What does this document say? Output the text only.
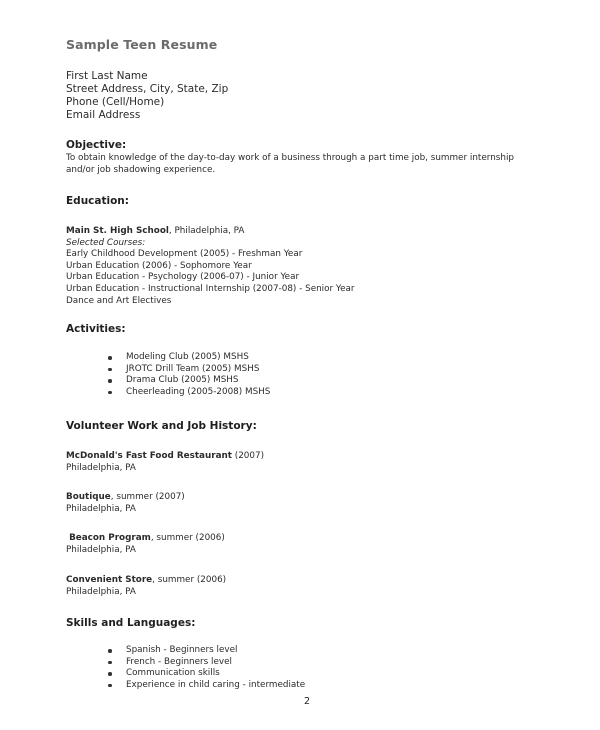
Sample Teen Resume
First Last Name
Street Address, City, State, Zip
Phone (Cell/Home)
Email Address
Objective:
To obtain knowledge of the day-to-day work of a business through a part time job, summer internship
and/or job shadowing experience.
Education:
Main St. High School, Philadelphia, PA
Selected Courses:
Early Childhood Development (2005) - Freshman Year
Urban Education (2006) - Sophomore Year
Urban Education - Psychology (2006-07) - Junior Year
Urban Education - Instructional Internship (2007-08) - Senior Year
Dance and Art Electives
Activities:
Modeling Club (2005) MSHS
JROTC Drill Team (2005) MSHS
Drama Club (2005) MSHS
Cheerleading (2005-2008) MSHS
Volunteer Work and Job History:
McDonald's Fast Food Restaurant (2007)
Philadelphia, PA
Boutique, summer (2007)
Philadelphia, PA
Beacon Program, summer (2006)
Philadelphia, PA
Convenient Store, summer (2006)
Philadelphia, PA
Skills and Languages:
Spanish - Beginners level
French - Beginners level
Communication skills
Experience in child caring - intermediate
2
